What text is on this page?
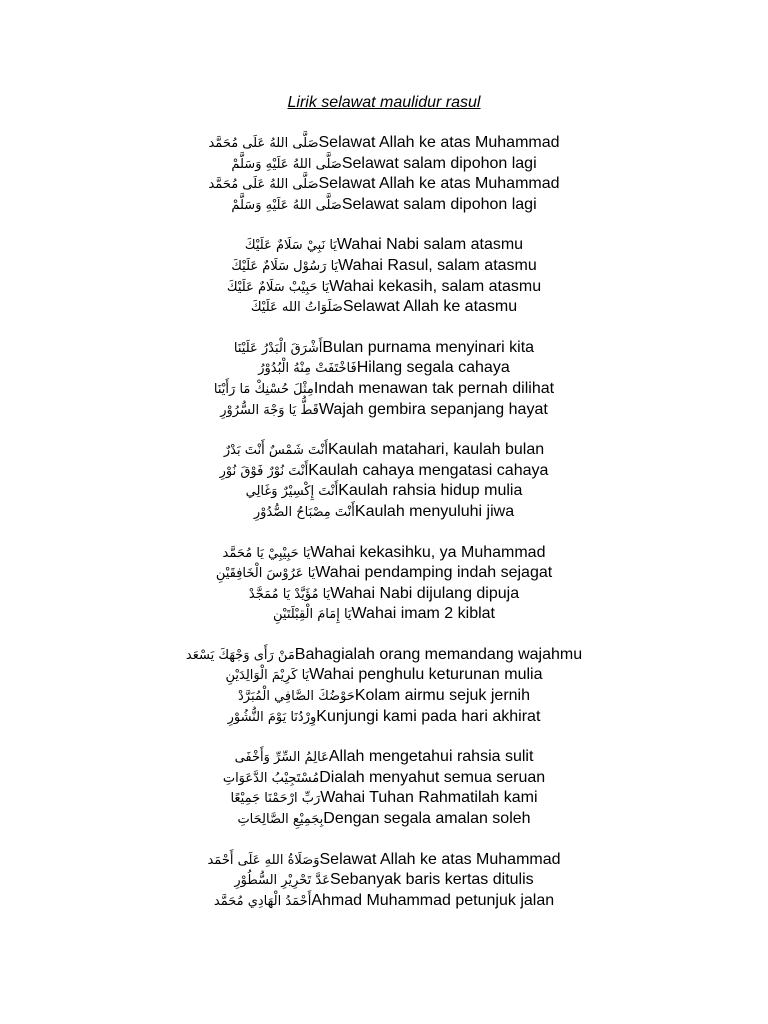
Lirik selawat maulidur rasul
صَلَّى اللهُ عَلَى مُحَمَّد Selawat Allah ke atas Muhammad
صَلَّى اللهُ عَلَيْهِ وَسَلَّمْ Selawat salam dipohon lagi
صَلَّى اللهُ عَلَى مُحَمَّد Selawat Allah ke atas Muhammad
صَلَّى اللهُ عَلَيْهِ وَسَلَّمْ Selawat salam dipohon lagi
يَا نَبِيْ سَلَامٌ عَلَيْكَ Wahai Nabi salam atasmu
يَا رَسُوْل سَلَامٌ عَلَيْكَ Wahai Rasul, salam atasmu
يَا حَبِيْبْ سَلَامٌ عَلَيْكَ Wahai kekasih, salam atasmu
صَلَوَاتُ الله عَلَيْكَ Selawat Allah ke atasmu
أَشْرَقَ الْبَدْرُ عَلَيْنَا Bulan purnama menyinari kita
فَاخْتَفَتْ مِنْهُ الْبُدُوْرُ Hilang segala cahaya
مِثْلَ حُسْنِكْ مَا رَأَيْنَا Indah menawan tak pernah dilihat
قَطُّ يَا وَجْهَ السُّرُوْرِ Wajah gembira sepanjang hayat
أَنْتَ شَمْسٌ أَنْتَ بَدْرٌ Kaulah matahari, kaulah bulan
أَنْتَ نُوْرٌ فَوْقَ نُوْرِ Kaulah cahaya mengatasi cahaya
أَنْتَ إِكْسِيْرٌ وَغَالِي Kaulah rahsia hidup mulia
أَنْتَ مِصْبَاحُ الصُّدُوْرِ Kaulah menyuluhi jiwa
يَا حَبِيْبِيْ يَا مُحَمَّد Wahai kekasihku, ya Muhammad
يَا عَرُوْسَ الْخَافِقَيْنِ Wahai pendamping indah sejagat
يَا مُؤَيَّدْ يَا مُمَجَّدْ Wahai Nabi dijulang dipuja
يَا إِمَامَ الْقِبْلَتَيْنِ Wahai imam 2 kiblat
مَنْ رَأَى وَجْهَكَ يَسْعَد Bahagialah orang memandang wajahmu
يَا كَرِيْمَ الْوَالِدَيْنِ Wahai penghulu keturunan mulia
حَوْضُكَ الصَّافِي الْمُبَرَّدْ Kolam airmu sejuk jernih
وِرْدُنَا يَوْمَ النُّشُوْرِ Kunjungi kami pada hari akhirat
عَالِمُ السِّرِّ وَأَخْفَى Allah mengetahui rahsia sulit
مُسْتَجِيْبُ الدَّعَوَاتِ Dialah menyahut semua seruan
رَبِّ ارْحَمْنَا جَمِيْعًا Wahai Tuhan Rahmatilah kami
بِجَمِيْعِ الصَّالِحَاتِ Dengan segala amalan soleh
وَصَلَاةُ اللهِ عَلَى أَحْمَد Selawat Allah ke atas Muhammad
عَدَّ تَحْرِيْرِ السُّطُوْرِ Sebanyak baris kertas ditulis
أَحْمَدُ الْهَادِي مُحَمَّد Ahmad Muhammad petunjuk jalan
